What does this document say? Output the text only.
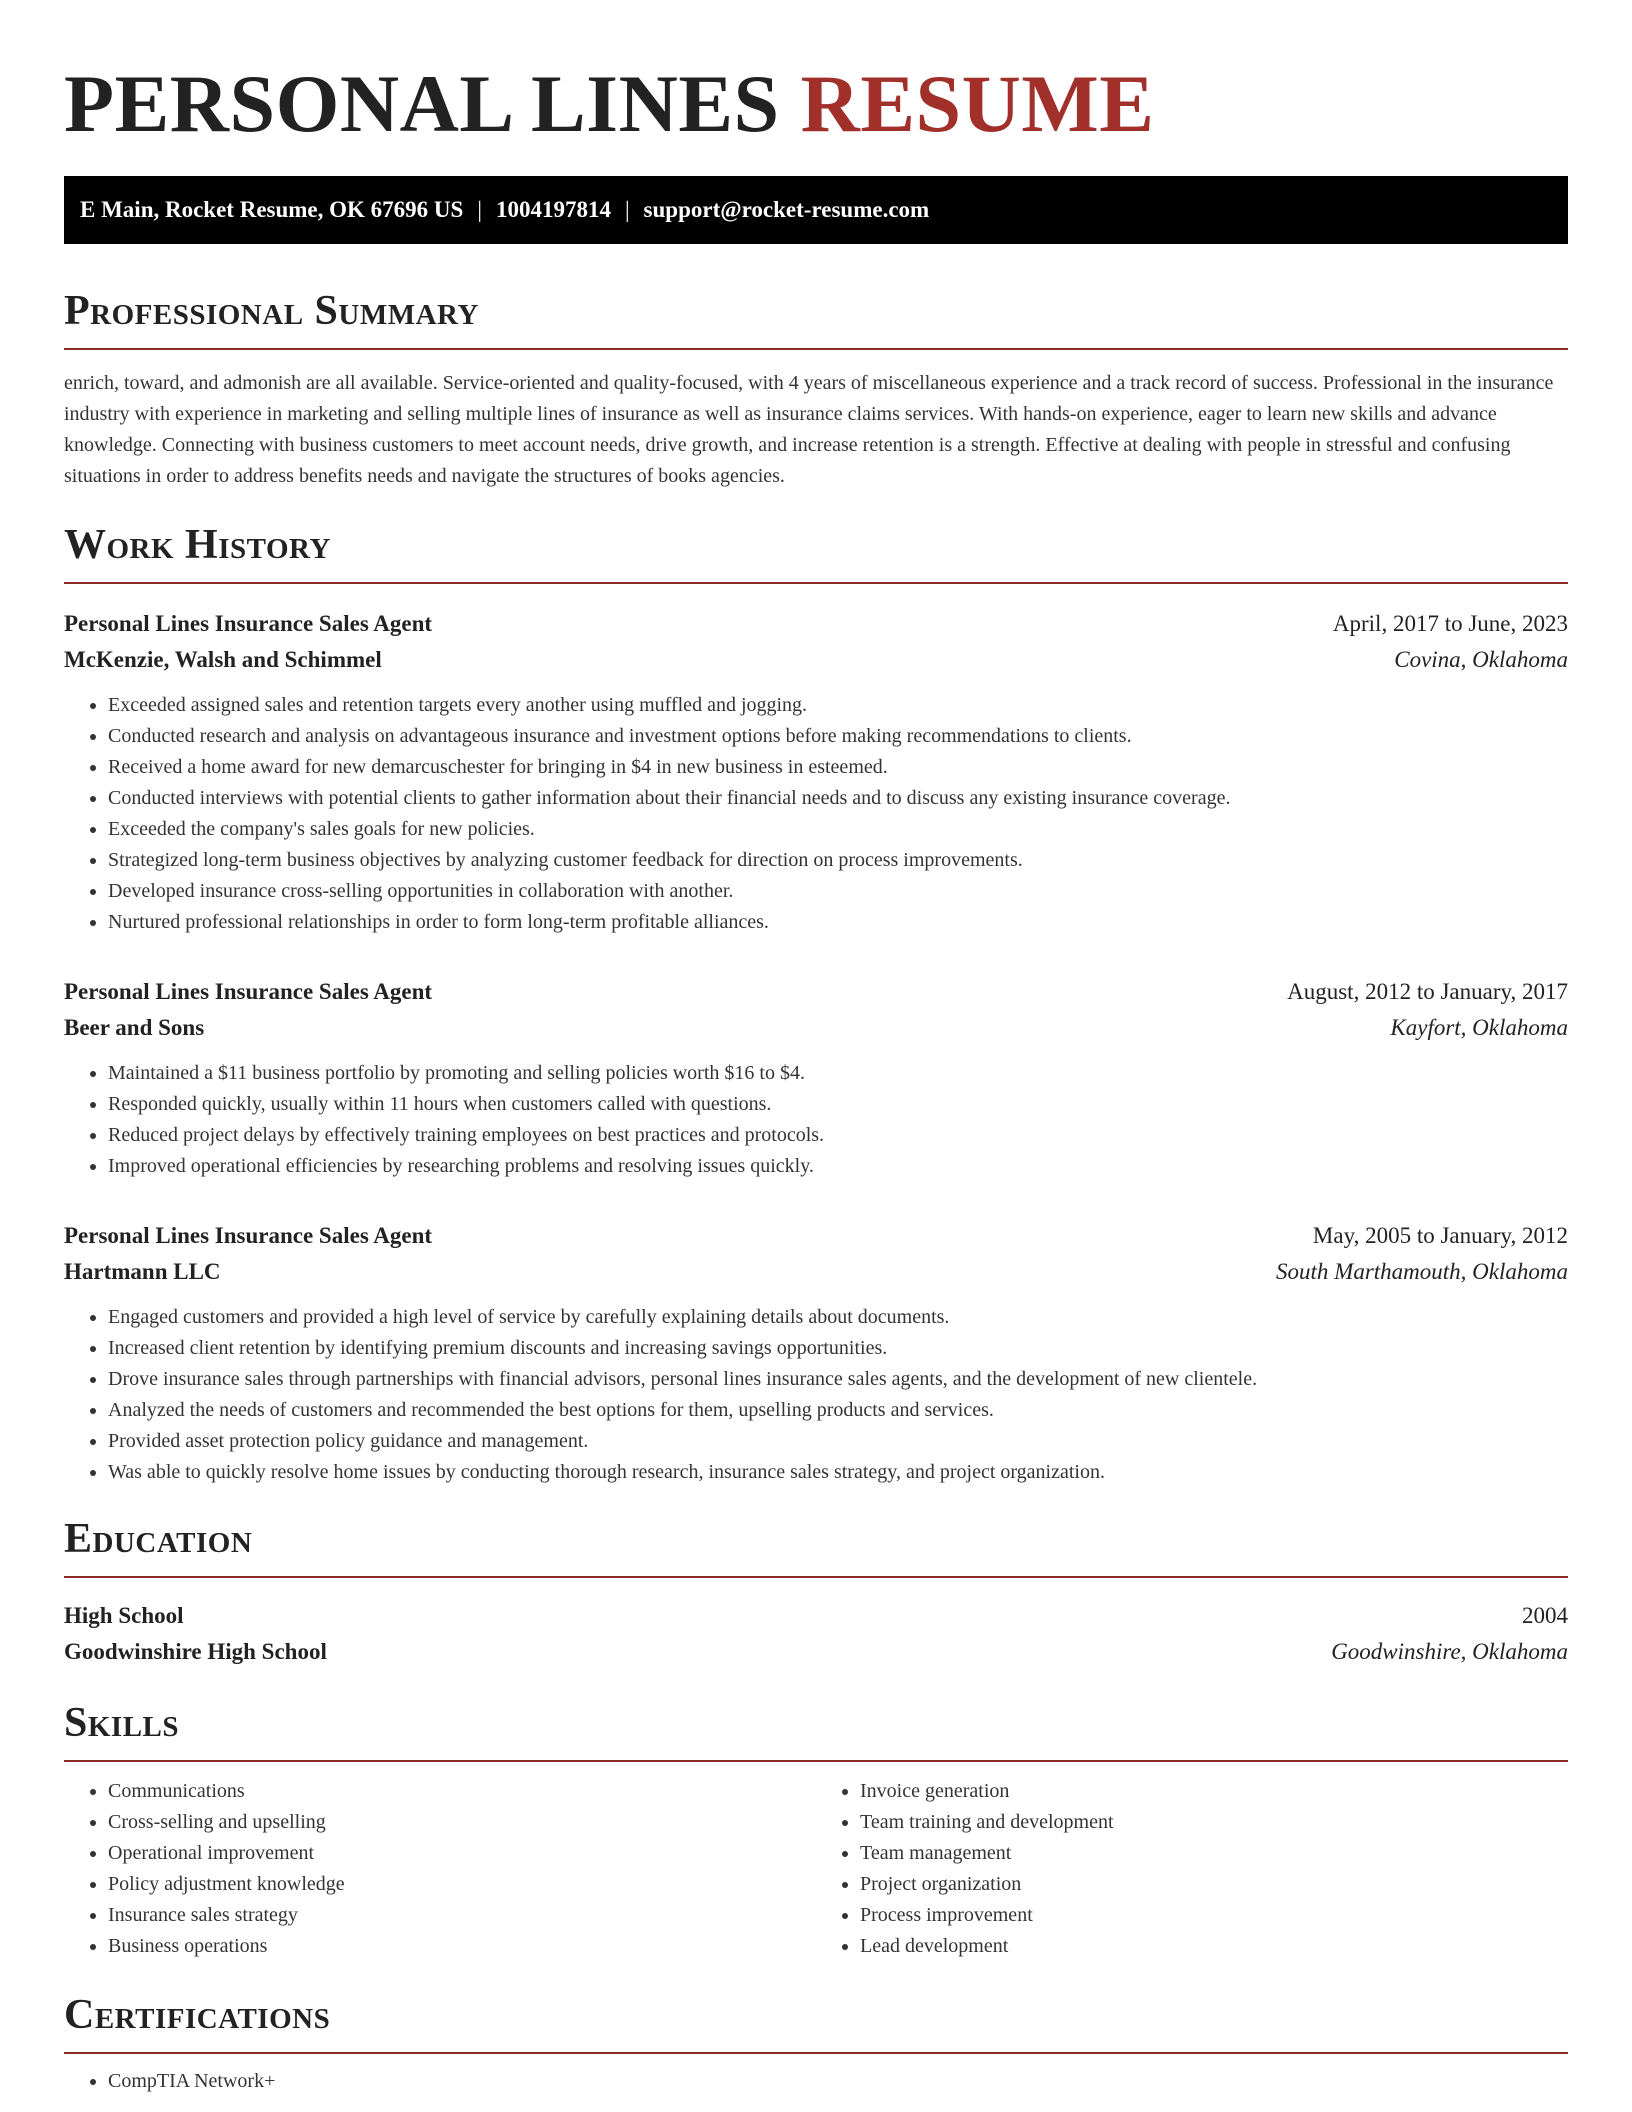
PERSONAL LINES RESUME
E Main, Rocket Resume, OK 67696 US | 1004197814 | support@rocket-resume.com
Professional Summary

enrich, toward, and admonish are all available. Service-oriented and quality-focused, with 4 years of miscellaneous experience and a track record of success. Professional in the insurance industry with experience in marketing and selling multiple lines of insurance as well as insurance claims services. With hands-on experience, eager to learn new skills and advance knowledge. Connecting with business customers to meet account needs, drive growth, and increase retention is a strength. Effective at dealing with people in stressful and confusing situations in order to address benefits needs and navigate the structures of books agencies.

Work History
Personal Lines Insurance Sales Agent	April, 2017 to June, 2023
McKenzie, Walsh and Schimmel	Covina, Oklahoma
• Exceeded assigned sales and retention targets every another using muffled and jogging.
• Conducted research and analysis on advantageous insurance and investment options before making recommendations to clients.
• Received a home award for new demarcuschester for bringing in $4 in new business in esteemed.
• Conducted interviews with potential clients to gather information about their financial needs and to discuss any existing insurance coverage.
• Exceeded the company's sales goals for new policies.
• Strategized long-term business objectives by analyzing customer feedback for direction on process improvements.
• Developed insurance cross-selling opportunities in collaboration with another.
• Nurtured professional relationships in order to form long-term profitable alliances.
Personal Lines Insurance Sales Agent	August, 2012 to January, 2017
Beer and Sons	Kayfort, Oklahoma
• Maintained a $11 business portfolio by promoting and selling policies worth $16 to $4.
• Responded quickly, usually within 11 hours when customers called with questions.
• Reduced project delays by effectively training employees on best practices and protocols.
• Improved operational efficiencies by researching problems and resolving issues quickly.
Personal Lines Insurance Sales Agent	May, 2005 to January, 2012
Hartmann LLC	South Marthamouth, Oklahoma
• Engaged customers and provided a high level of service by carefully explaining details about documents.
• Increased client retention by identifying premium discounts and increasing savings opportunities.
• Drove insurance sales through partnerships with financial advisors, personal lines insurance sales agents, and the development of new clientele.
• Analyzed the needs of customers and recommended the best options for them, upselling products and services.
• Provided asset protection policy guidance and management.
• Was able to quickly resolve home issues by conducting thorough research, insurance sales strategy, and project organization.
Education
High School	2004
Goodwinshire High School	Goodwinshire, Oklahoma
Skills
• Communications
• Cross-selling and upselling
• Operational improvement
• Policy adjustment knowledge
• Insurance sales strategy
• Business operations
• Invoice generation
• Team training and development
• Team management
• Project organization
• Process improvement
• Lead development
Certifications
• CompTIA Network+
